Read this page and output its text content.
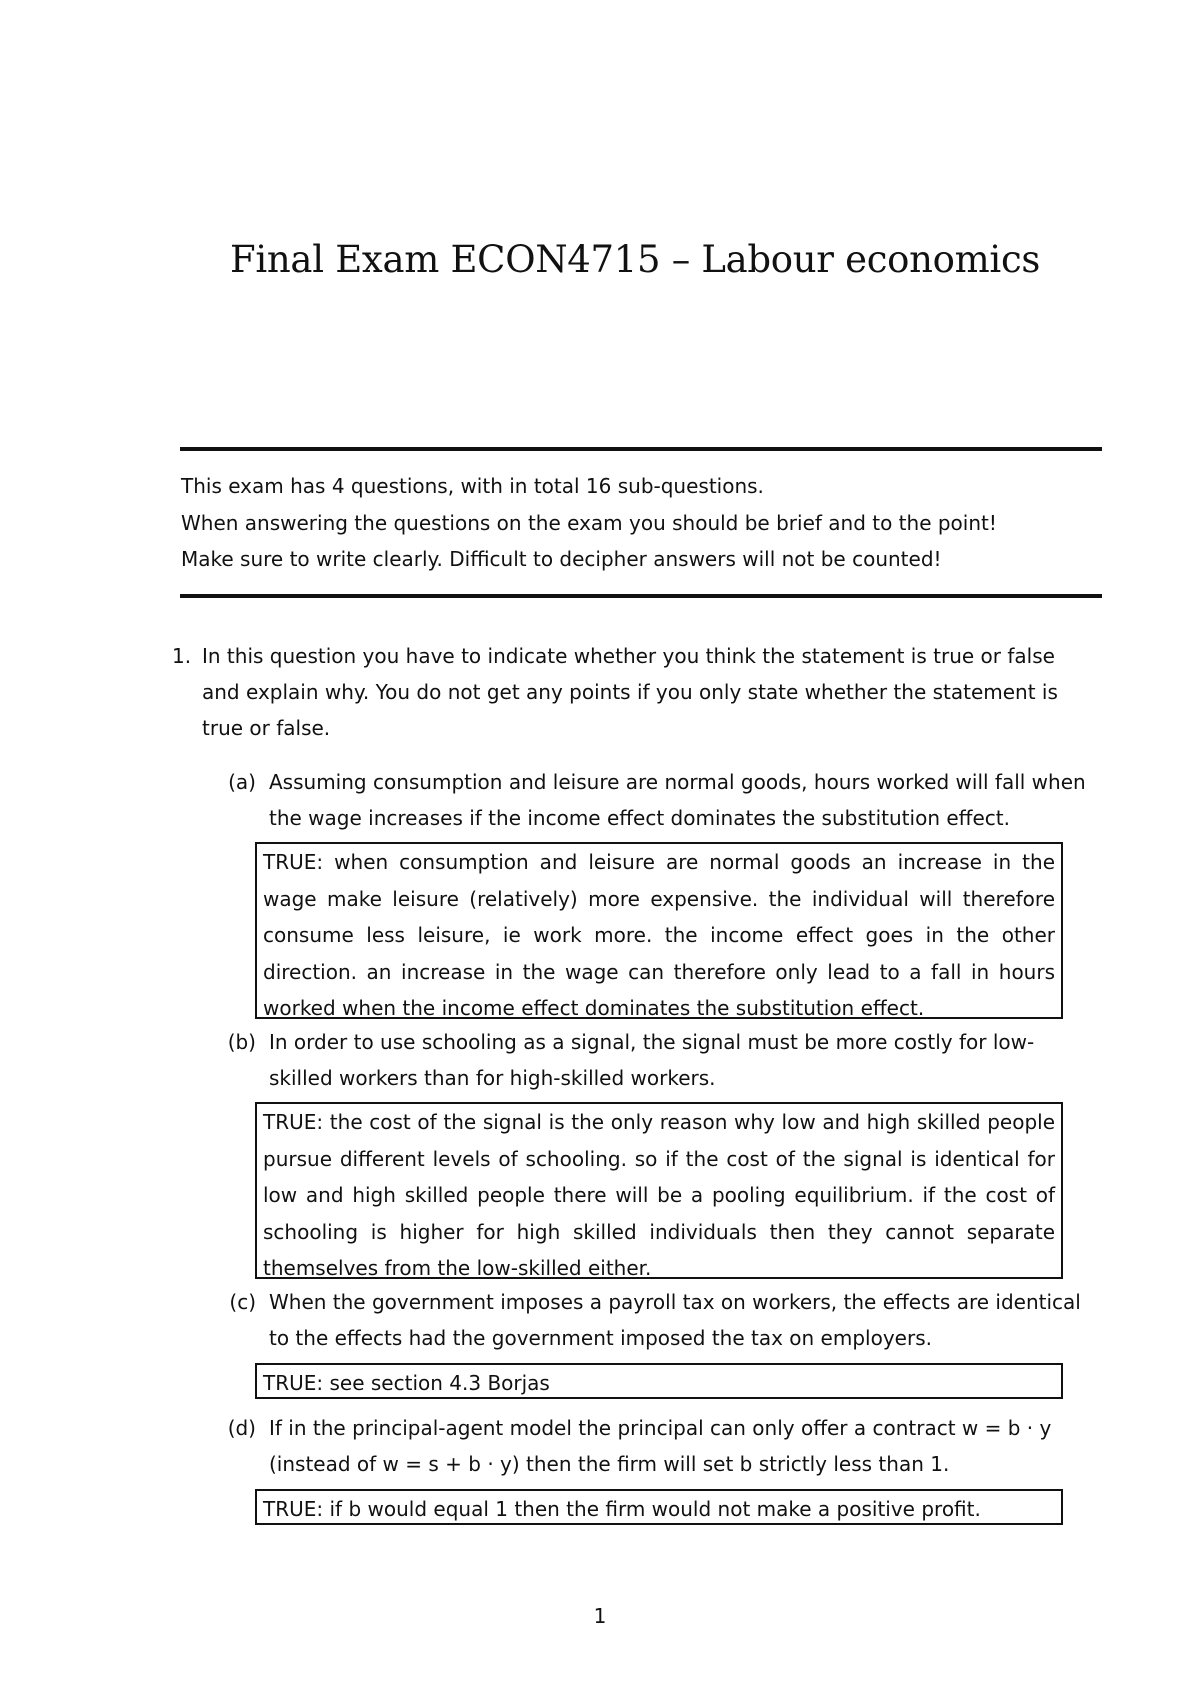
Final Exam ECON4715 – Labour economics
This exam has 4 questions, with in total 16 sub-questions.
When answering the questions on the exam you should be brief and to the point!
Make sure to write clearly. Difficult to decipher answers will not be counted!
1. In this question you have to indicate whether you think the statement is true or false and explain why. You do not get any points if you only state whether the statement is true or false.
(a) Assuming consumption and leisure are normal goods, hours worked will fall when the wage increases if the income effect dominates the substitution effect.
TRUE: when consumption and leisure are normal goods an increase in the wage make leisure (relatively) more expensive. the individual will therefore consume less leisure, ie work more. the income effect goes in the other direction. an increase in the wage can therefore only lead to a fall in hours worked when the income effect dominates the substitution effect.
(b) In order to use schooling as a signal, the signal must be more costly for low-skilled workers than for high-skilled workers.
TRUE: the cost of the signal is the only reason why low and high skilled people pursue different levels of schooling. so if the cost of the signal is identical for low and high skilled people there will be a pooling equilibrium. if the cost of schooling is higher for high skilled individuals then they cannot separate themselves from the low-skilled either.
(c) When the government imposes a payroll tax on workers, the effects are identical to the effects had the government imposed the tax on employers.
TRUE: see section 4.3 Borjas
(d) If in the principal-agent model the principal can only offer a contract w = b · y (instead of w = s + b · y) then the firm will set b strictly less than 1.
TRUE: if b would equal 1 then the firm would not make a positive profit.
1
